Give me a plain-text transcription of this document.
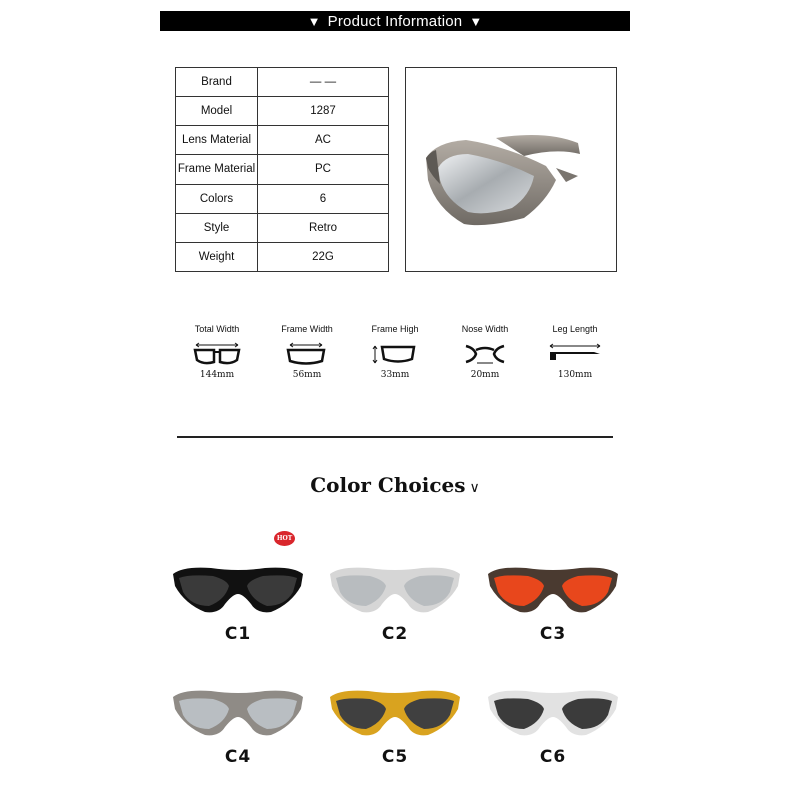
▼ Product Information ▼
Brand	— —
Model	1287
Lens Material	AC
Frame Material	PC
Colors	6
Style	Retro
Weight	22G
Total Width
144mm
Frame Width
56mm
Frame High
33mm
Nose Width
20mm
Leg Length
130mm
Color Choices ∨
HOT
C1	C2	C3
C4	C5	C6
